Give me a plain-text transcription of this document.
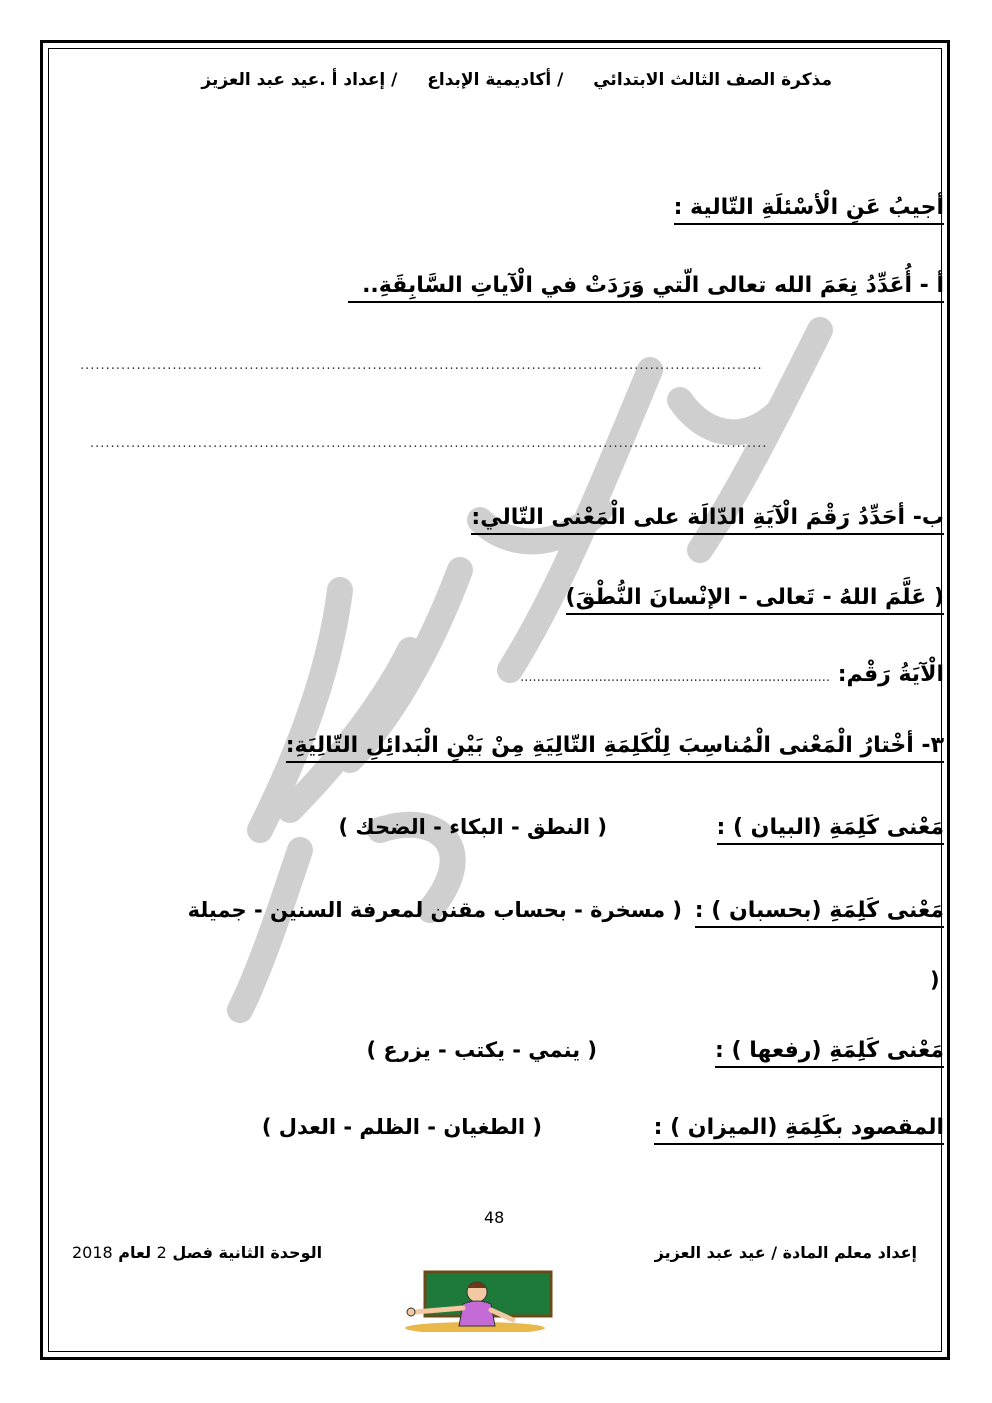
مذكرة الصف الثالث الابتدائي / أكاديمية الإبداع / إعداد أ .عيد عبد العزيز
أجيبُ عَنِ الْأسْئلَةِ التّالية :
أ - أُعَدِّدُ نِعَمَ الله تعالى الّتي وَرَدَتْ في الْآياتِ السَّابِقَةِ..
.....................................................................................................................................
....................................................................................................................................
ب- أحَدِّدُ رَقْمَ الْآيَةِ الدّالَة على الْمَعْنى التّالي:
( عَلَّمَ اللهُ - تَعالى - الإنْسانَ النُّطْقَ)
الْآيَةُ رَقْم: ...........................................................................
٣- أخْتارُ الْمَعْنى الْمُناسِبَ لِلْكَلِمَةِ التّالِيَةِ مِنْ بَيْنِ الْبَدائِلِ التّالِيَةِ:
مَعْنى كَلِمَةِ (البيان ) :
( النطق - البكاء - الضحك )
مَعْنى كَلِمَةِ (بحسبان ) :
( مسخرة - بحساب مقنن لمعرفة السنين - جميلة
)
مَعْنى كَلِمَةِ (رفعها ) :
( ينمي - يكتب - يزرع )
المقصود بكَلِمَةِ (الميزان ) :
( الطغيان - الظلم - العدل )
48
إعداد معلم المادة / عيد عبد العزيز
الوحدة الثانية فصل 2 لعام 2018
